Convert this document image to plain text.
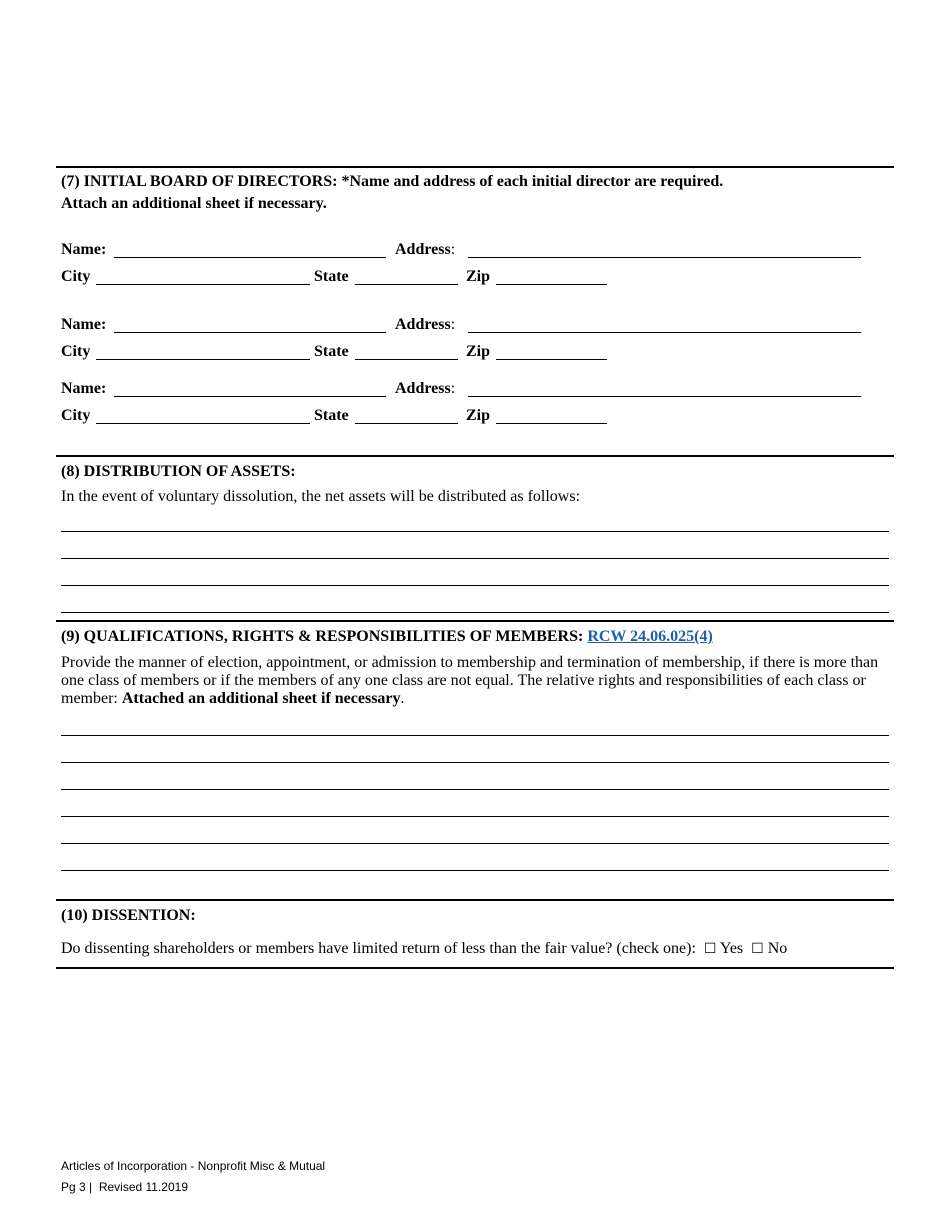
(7) INITIAL BOARD OF DIRECTORS: *Name and address of each initial director are required.
Attach an additional sheet if necessary.
Name:	Address:
City	State	Zip
Name:	Address:
City	State	Zip
Name:	Address:
City	State	Zip
(8) DISTRIBUTION OF ASSETS:
In the event of voluntary dissolution, the net assets will be distributed as follows:
(9) QUALIFICATIONS, RIGHTS & RESPONSIBILITIES OF MEMBERS: RCW 24.06.025(4)
Provide the manner of election, appointment, or admission to membership and termination of membership, if there is more than one class of members or if the members of any one class are not equal. The relative rights and responsibilities of each class or member: Attached an additional sheet if necessary.
(10) DISSENTION:
Do dissenting shareholders or members have limited return of less than the fair value? (check one): ☐ Yes ☐ No
Articles of Incorporation - Nonprofit Misc & Mutual
Pg 3 | Revised 11.2019
